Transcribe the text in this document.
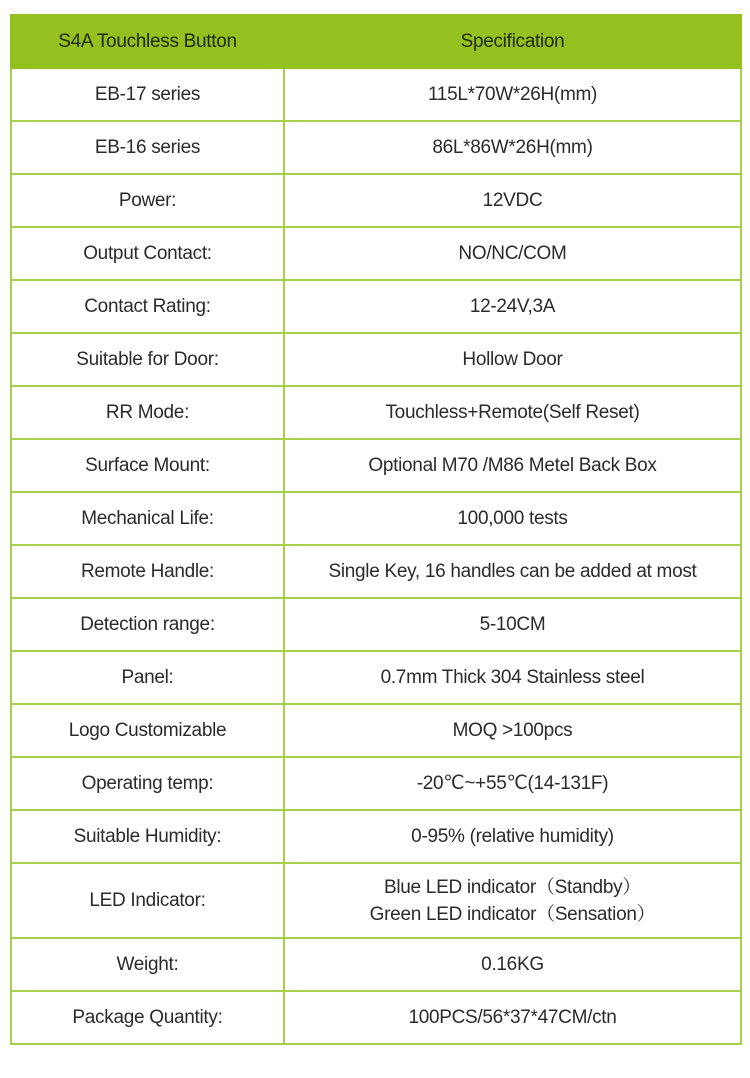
S4A Touchless Button	Specification
EB-17 series	115L*70W*26H(mm)
EB-16 series	86L*86W*26H(mm)
Power:	12VDC
Output Contact:	NO/NC/COM
Contact Rating:	12-24V,3A
Suitable for Door:	Hollow Door
RR Mode:	Touchless+Remote(Self Reset)
Surface Mount:	Optional M70 /M86 Metel Back Box
Mechanical Life:	100,000 tests
Remote Handle:	Single Key, 16 handles can be added at most
Detection range:	5-10CM
Panel:	0.7mm Thick 304 Stainless steel
Logo Customizable	MOQ >100pcs
Operating temp:	-20℃~+55℃(14-131F)
Suitable Humidity:	0-95% (relative humidity)
LED Indicator:	Blue LED indicator（Standby）
Green LED indicator（Sensation）

Weight:	0.16KG
Package Quantity:	100PCS/56*37*47CM/ctn
